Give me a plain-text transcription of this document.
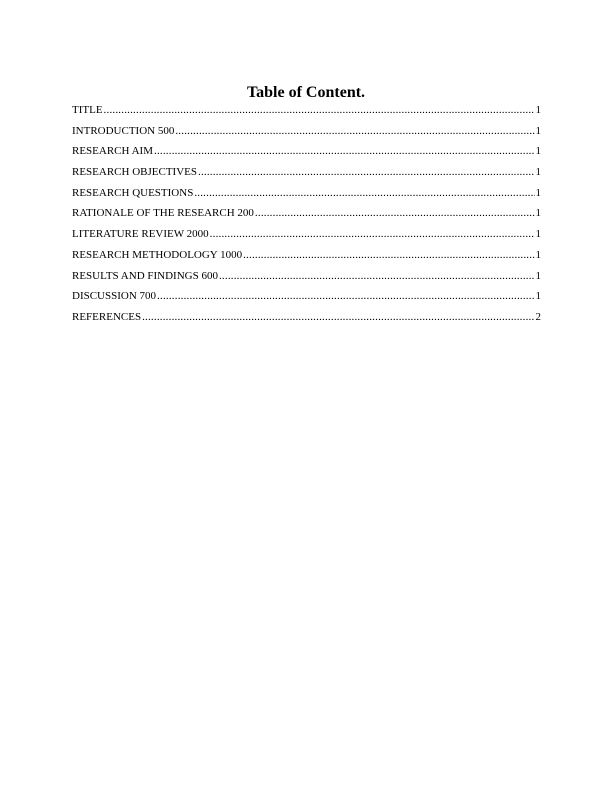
Table of Content.
TITLE .....	1
INTRODUCTION 500 .....	1
RESEARCH AIM .....	1
RESEARCH OBJECTIVES .....	1
RESEARCH QUESTIONS .....	1
RATIONALE OF THE RESEARCH 200 .....	1
LITERATURE REVIEW 2000 .....	1
RESEARCH METHODOLOGY 1000 .....	1
RESULTS AND FINDINGS 600 .....	1
DISCUSSION 700 .....	1
REFERENCES .....	2
